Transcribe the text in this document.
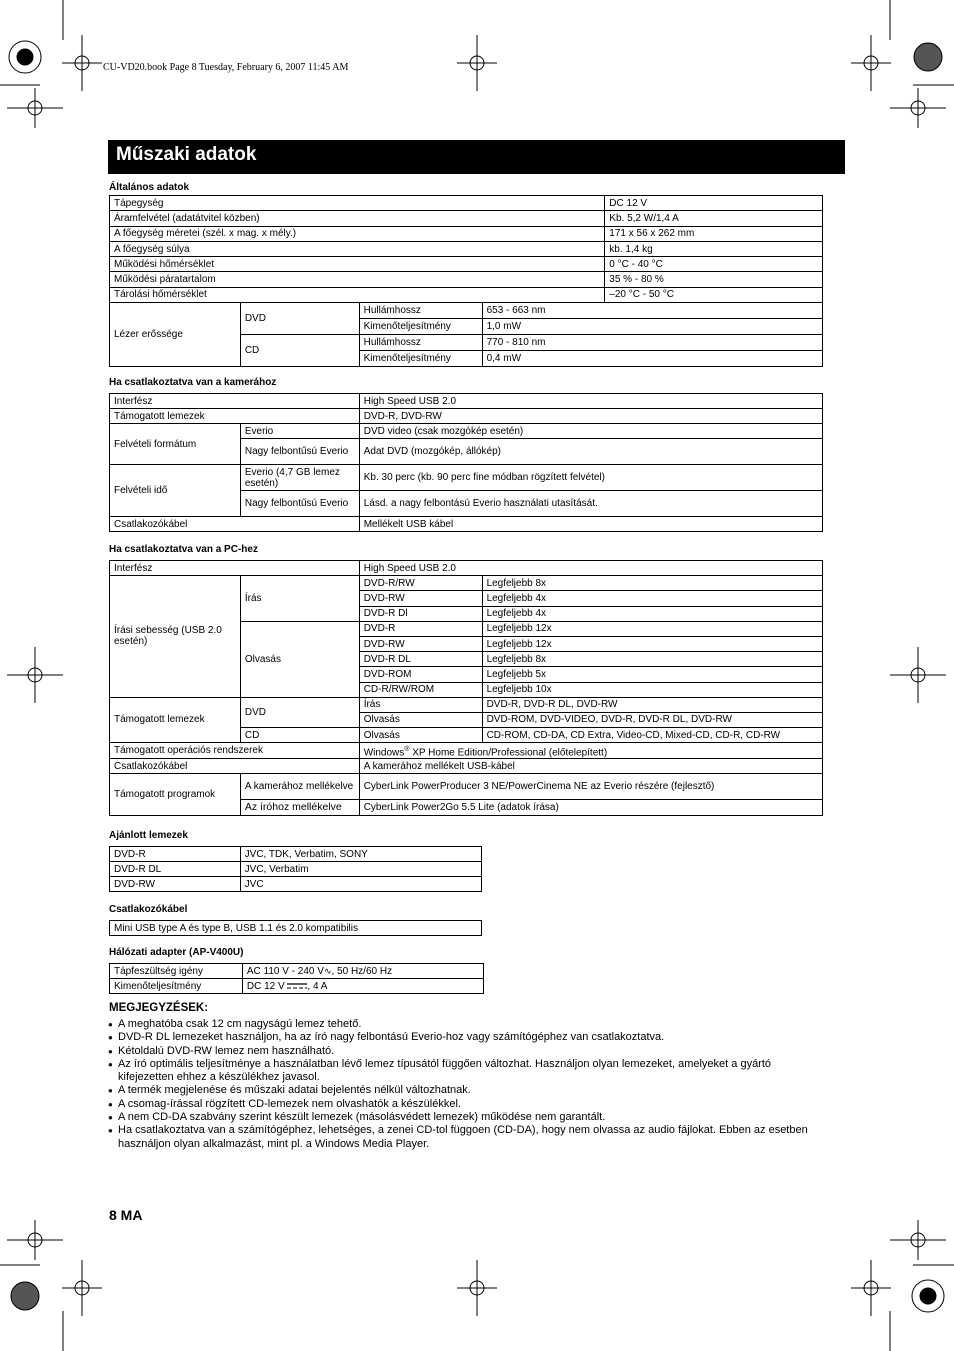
CU-VD20.book Page 8 Tuesday, February 6, 2007 11:45 AM
Műszaki adatok
Általános adatok
Tápegység	DC 12 V
Áramfelvétel (adatátvitel közben)	Kb. 5,2 W/1,4 A
A főegység méretei (szél. x mag. x mély.)	171 x 56 x 262 mm
A főegység súlya	kb. 1,4 kg
Működési hőmérséklet	0 °C - 40 °C
Működési páratartalom	35 % - 80 %
Tárolási hőmérséklet	–20 °C - 50 °C
Lézer erőssége	DVD	Hullámhossz	653 - 663 nm
		Kimenőteljesítmény	1,0 mW
	CD	Hullámhossz	770 - 810 nm
		Kimenőteljesítmény	0,4 mW
Ha csatlakoztatva van a kamerához
Interfész		High Speed USB 2.0
Támogatott lemezek		DVD-R, DVD-RW
Felvételi formátum	Everio	DVD video (csak mozgókép esetén)
	Nagy felbontűsú Everio	Adat DVD (mozgókép, állókép)
Felvételi idő	Everio (4,7 GB lemez esetén)	Kb. 30 perc (kb. 90 perc fine módban rögzített felvétel)
	Nagy felbontűsú Everio	Lásd. a nagy felbontású Everio használati utasítását.
Csatlakozókábel		Mellékelt USB kábel
Ha csatlakoztatva van a PC-hez
Interfész		High Speed USB 2.0	
Írási sebesség (USB 2.0 esetén)	Írás	DVD-R/RW	Legfeljebb 8x
		DVD-RW	Legfeljebb 4x
		DVD-R Dl	Legfeljebb 4x
	Olvasás	DVD-R	Legfeljebb 12x
		DVD-RW	Legfeljebb 12x
		DVD-R DL	Legfeljebb 8x
		DVD-ROM	Legfeljebb 5x
		CD-R/RW/ROM	Legfeljebb 10x
Támogatott lemezek	DVD	Írás	DVD-R, DVD-R DL, DVD-RW
		Olvasás	DVD-ROM, DVD-VIDEO, DVD-R, DVD-R DL, DVD-RW
	CD	Olvasás	CD-ROM, CD-DA, CD Extra, Video-CD, Mixed-CD, CD-R, CD-RW
Támogatott operációs rendszerek		Windows® XP Home Edition/Professional (előtelepített)	
Csatlakozókábel		A kamerához mellékelt USB-kábel	
Támogatott programok	A kamerához mellékelve	CyberLink PowerProducer 3 NE/PowerCinema NE az Everio részére (fejlesztő)	
	Az íróhoz mellékelve	CyberLink Power2Go 5.5 Lite (adatok írása)	
Ajánlott lemezek
DVD-R	JVC, TDK, Verbatim, SONY
DVD-R DL	JVC, Verbatim
DVD-RW	JVC
Csatlakozókábel
Mini USB type A és type B, USB 1.1 és 2.0 kompatibilis
Hálózati adapter (AP-V400U)
Tápfeszültség igény	AC 110 V - 240 V∿, 50 Hz/60 Hz
Kimenőteljesítmény	DC 12 V , 4 A
MEGJEGYZÉSEK:
● A meghatóba csak 12 cm nagyságú lemez tehető.
● DVD-R DL lemezeket használjon, ha az író nagy felbontású Everio-hoz vagy számítógéphez van csatlakoztatva.
● Kétoldalú DVD-RW lemez nem használható.
● Az író optimális teljesítménye a használatban lévő lemez típusától függően változhat. Használjon olyan lemezeket, amelyeket a gyártó kifejezetten ehhez a készülékhez javasol.
● A termék megjelenése és műszaki adatai bejelentés nélkül változhatnak.
● A csomag-írással rögzített CD-lemezek nem olvashatók a készülékkel.
● A nem CD-DA szabvány szerint készült lemezek (másolásvédett lemezek) működése nem garantált.
● Ha csatlakoztatva van a számítógéphez, lehetséges, a zenei CD-tol függoen (CD-DA), hogy nem olvassa az audio fájlokat. Ebben az esetben használjon olyan alkalmazást, mint pl. a Windows Media Player.
8 MA
